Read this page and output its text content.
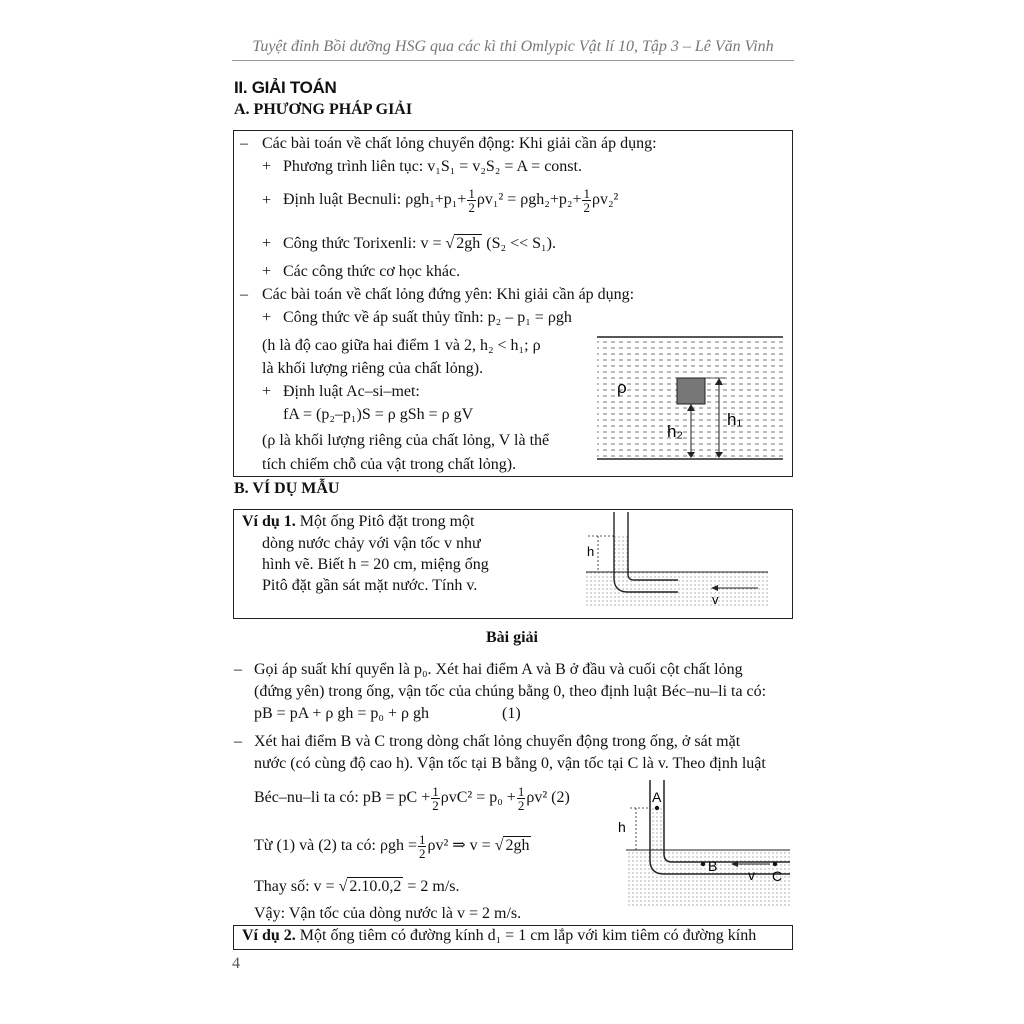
Tuyệt đỉnh Bồi dưỡng HSG qua các kì thi Omlypic Vật lí 10, Tập 3 – Lê Văn Vinh
II. GIẢI TOÁN
A. PHƯƠNG PHÁP GIẢI
– Các bài toán về chất lỏng chuyển động: Khi giải cần áp dụng:
+ Phương trình liên tục: v₁S₁ = v₂S₂ = A = const.
+ Định luật Becnuli: $\rho gh_1+p_1+ \frac{1}{2} \rho v_1^2 = \rho gh_2+p_2+ \frac{1}{2} \rho v_2^2$
+ Công thức Torixenli: v = √ 2gh (S₂ << S₁).
+ Các công thức cơ học khác.
– Các bài toán về chất lỏng đứng yên: Khi giải cần áp dụng:
+ Công thức về áp suất thủy tĩnh: p₂ – p₁ = ρgh
(h là độ cao giữa hai điểm 1 và 2, h₂ < h₁; ρ
là khối lượng riêng của chất lỏng).
+ Định luật Ac–si–met:
fA = (p₂–p₁)S = ρ gSh = ρ gV
(ρ là khối lượng riêng của chất lỏng, V là thể
tích chiếm chỗ của vật trong chất lỏng).
ρ
h₂
h₁
B. VÍ DỤ MẪU
Ví dụ 1. Một ống Pitô đặt trong một
dòng nước chảy với vận tốc v như
hình vẽ. Biết h = 20 cm, miệng ống
Pitô đặt gần sát mặt nước. Tính v.
h
v
Bài giải
– Gọi áp suất khí quyển là p₀. Xét hai điểm A và B ở đầu và cuối cột chất lỏng
(đứng yên) trong ống, vận tốc của chúng bằng 0, theo định luật Béc–nu–li ta có:
pB = pA + ρ gh = p₀ + ρ gh	(1)
– Xét hai điểm B và C trong dòng chất lỏng chuyển động trong ống, ở sát mặt
nước (có cùng độ cao h). Vận tốc tại B bằng 0, vận tốc tại C là v. Theo định luật
Béc–nu–li ta có: pB = pC + $\frac{1}{2} \rho vC^2 = p_0 + \frac{1}{2} \rho v^2$ (2)
Từ (1) và (2) ta có: $\rho gh = \frac{1}{2} \rho v^2$ ⇒ v = √ 2gh
Thay số: v = √ 2.10.0,2 = 2 m/s.
Vậy: Vận tốc của dòng nước là v = 2 m/s.
A
B
C
h
v
Ví dụ 2. Một ống tiêm có đường kính d₁ = 1 cm lắp với kim tiêm có đường kính
4
